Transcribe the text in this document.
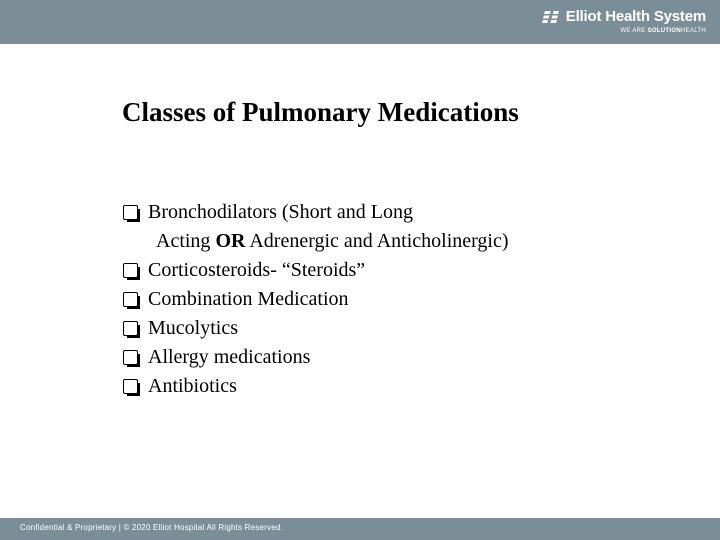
Elliot Health System
WE ARE SOLUTIONHEALTH
Classes of Pulmonary Medications
Bronchodilators (Short and Long
Acting OR Adrenergic and Anticholinergic)
Corticosteroids- “Steroids”
Combination Medication
Mucolytics
Allergy medications
Antibiotics
Confidential & Proprietary | © 2020 Elliot Hospital All Rights Reserved.
